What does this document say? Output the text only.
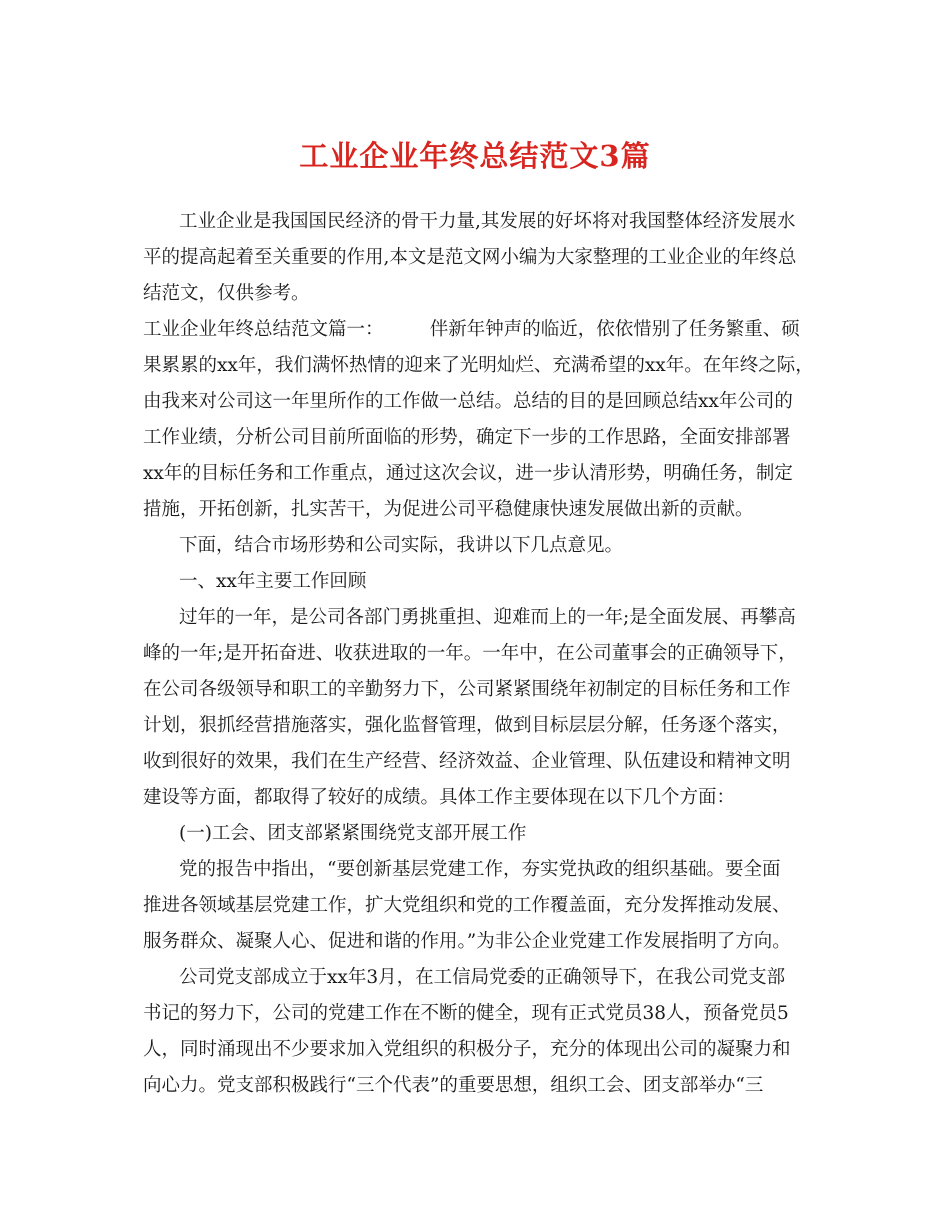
工业企业年终总结范文3篇
工业企业是我国国民经济的骨干力量,其发展的好坏将对我国整体经济发展水
平的提高起着至关重要的作用,本文是范文网小编为大家整理的工业企业的年终总
结范文，仅供参考。
工业企业年终总结范文篇一：　　　伴新年钟声的临近，依依惜别了任务繁重、硕
果累累的xx年，我们满怀热情的迎来了光明灿烂、充满希望的xx年。在年终之际，
由我来对公司这一年里所作的工作做一总结。总结的目的是回顾总结xx年公司的
工作业绩，分析公司目前所面临的形势，确定下一步的工作思路，全面安排部署
xx年的目标任务和工作重点，通过这次会议，进一步认清形势，明确任务，制定
措施，开拓创新，扎实苦干，为促进公司平稳健康快速发展做出新的贡献。
下面，结合市场形势和公司实际，我讲以下几点意见。
一、xx年主要工作回顾
过年的一年，是公司各部门勇挑重担、迎难而上的一年;是全面发展、再攀高
峰的一年;是开拓奋进、收获进取的一年。一年中，在公司董事会的正确领导下，
在公司各级领导和职工的辛勤努力下，公司紧紧围绕年初制定的目标任务和工作
计划，狠抓经营措施落实，强化监督管理，做到目标层层分解，任务逐个落实，
收到很好的效果，我们在生产经营、经济效益、企业管理、队伍建设和精神文明
建设等方面，都取得了较好的成绩。具体工作主要体现在以下几个方面：
(一)工会、团支部紧紧围绕党支部开展工作
党的报告中指出，“要创新基层党建工作，夯实党执政的组织基础。要全面
推进各领域基层党建工作，扩大党组织和党的工作覆盖面，充分发挥推动发展、
服务群众、凝聚人心、促进和谐的作用。”为非公企业党建工作发展指明了方向。
公司党支部成立于xx年3月，在工信局党委的正确领导下，在我公司党支部
书记的努力下，公司的党建工作在不断的健全，现有正式党员38人，预备党员5
人，同时涌现出不少要求加入党组织的积极分子，充分的体现出公司的凝聚力和
向心力。党支部积极践行“三个代表”的重要思想，组织工会、团支部举办“三
